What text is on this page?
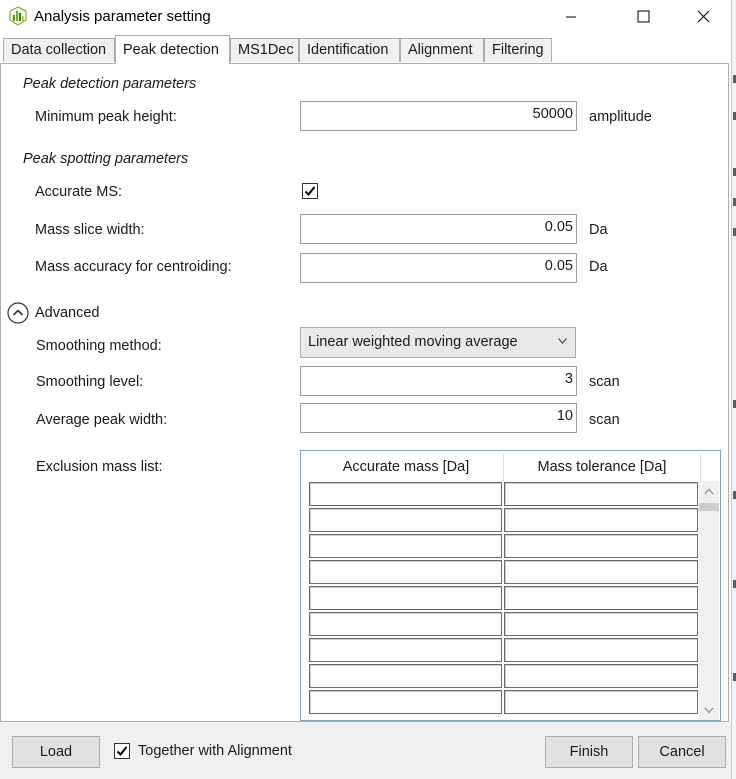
Analysis parameter setting
Data collection	Peak detection	MS1Dec Identification	Alignment	Filtering
Peak detection parameters
Minimum peak height:	50000 amplitude
Peak spotting parameters
Accurate MS:
Mass slice width:	0.05 Da
Mass accuracy for centroiding:	0.05 Da
Advanced
Smoothing method:	Linear weighted moving average
Smoothing level:	3 scan
Average peak width:	10 scan
Exclusion mass list:	Accurate mass [Da]	Mass tolerance [Da]
Load	Together with Alignment	Finish	Cancel
